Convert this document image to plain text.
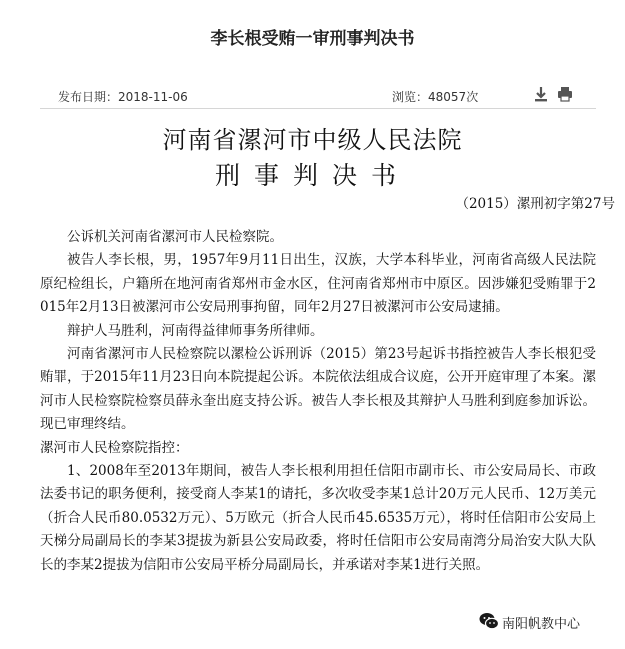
李长根受贿一审刑事判决书
发布日期：2018-11-06	浏览：48057次
河南省漯河市中级人民法院
刑事判决书
（2015）漯刑初字第27号

公诉机关河南省漯河市人民检察院。

被告人李长根，男，1957年9月11日出生，汉族，大学本科毕业，河南省高级人民法院原纪检组长，户籍所在地河南省郑州市金水区，住河南省郑州市中原区。因涉嫌犯受贿罪于2015年2月13日被漯河市公安局刑事拘留，同年2月27日被漯河市公安局逮捕。

辩护人马胜利，河南得益律师事务所律师。

河南省漯河市人民检察院以漯检公诉刑诉（2015）第23号起诉书指控被告人李长根犯受贿罪，于2015年11月23日向本院提起公诉。本院依法组成合议庭，公开开庭审理了本案。漯河市人民检察院检察员薛永奎出庭支持公诉。被告人李长根及其辩护人马胜利到庭参加诉讼。现已审理终结。

漯河市人民检察院指控：

1、2008年至2013年期间，被告人李长根利用担任信阳市副市长、市公安局局长、市政法委书记的职务便利，接受商人李某1的请托，多次收受李某1总计20万元人民币、12万美元（折合人民币80.0532万元）、5万欧元（折合人民币45.6535万元），将时任信阳市公安局上天梯分局副局长的李某3提拔为新县公安局政委，将时任信阳市公安局南湾分局治安大队大队长的李某2提拔为信阳市公安局平桥分局副局长，并承诺对李某1进行关照。

南阳帆教中心
